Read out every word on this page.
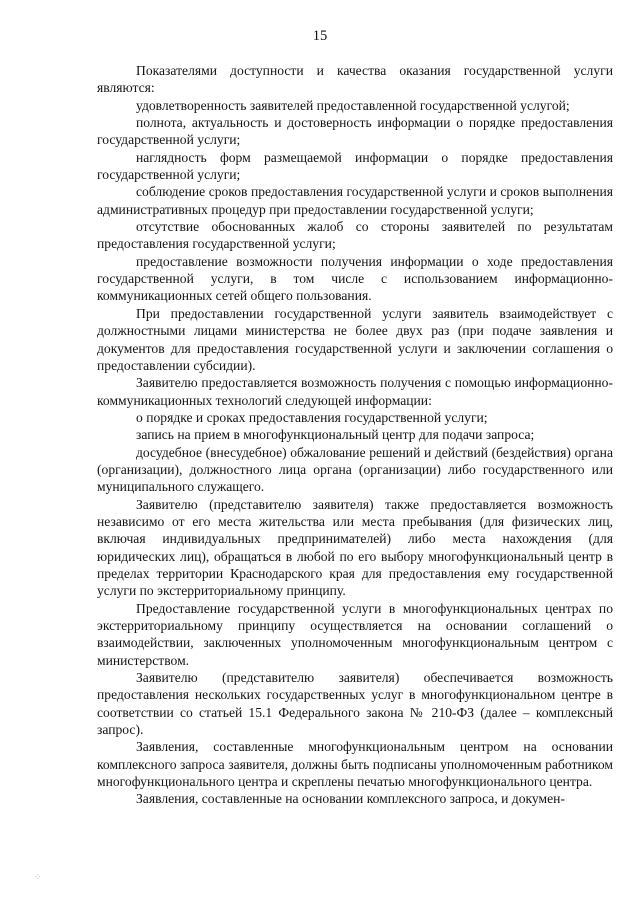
15

Показателями доступности и качества оказания государственной услуги являются:

удовлетворенность заявителей предоставленной государственной услугой;

полнота, актуальность и достоверность информации о порядке предоставления государственной услуги;

наглядность форм размещаемой информации о порядке предоставления государственной услуги;

соблюдение сроков предоставления государственной услуги и сроков выполнения административных процедур при предоставлении государственной услуги;

отсутствие обоснованных жалоб со стороны заявителей по результатам предоставления государственной услуги;

предоставление возможности получения информации о ходе предоставления государственной услуги, в том числе с использованием информационно-коммуникационных сетей общего пользования.

При предоставлении государственной услуги заявитель взаимодействует с должностными лицами министерства не более двух раз (при подаче заявления и документов для предоставления государственной услуги и заключении соглашения о предоставлении субсидии).

Заявителю предоставляется возможность получения с помощью информационно-коммуникационных технологий следующей информации:

о порядке и сроках предоставления государственной услуги;

запись на прием в многофункциональный центр для подачи запроса;

досудебное (внесудебное) обжалование решений и действий (бездействия) органа (организации), должностного лица органа (организации) либо государственного или муниципального служащего.

Заявителю (представителю заявителя) также предоставляется возможность независимо от его места жительства или места пребывания (для физических лиц, включая индивидуальных предпринимателей) либо места нахождения (для юридических лиц), обращаться в любой по его выбору многофункциональный центр в пределах территории Краснодарского края для предоставления ему государственной услуги по экстерриториальному принципу.

Предоставление государственной услуги в многофункциональных центрах по экстерриториальному принципу осуществляется на основании соглашений о взаимодействии, заключенных уполномоченным многофункциональным центром с министерством.

Заявителю (представителю заявителя) обеспечивается возможность предоставления нескольких государственных услуг в многофункциональном центре в соответствии со статьей 15.1 Федерального закона № 210-ФЗ (далее – комплексный запрос).

Заявления, составленные многофункциональным центром на основании комплексного запроса заявителя, должны быть подписаны уполномоченным работником многофункционального центра и скреплены печатью многофункционального центра.

Заявления, составленные на основании комплексного запроса, и докумен-

⁘
